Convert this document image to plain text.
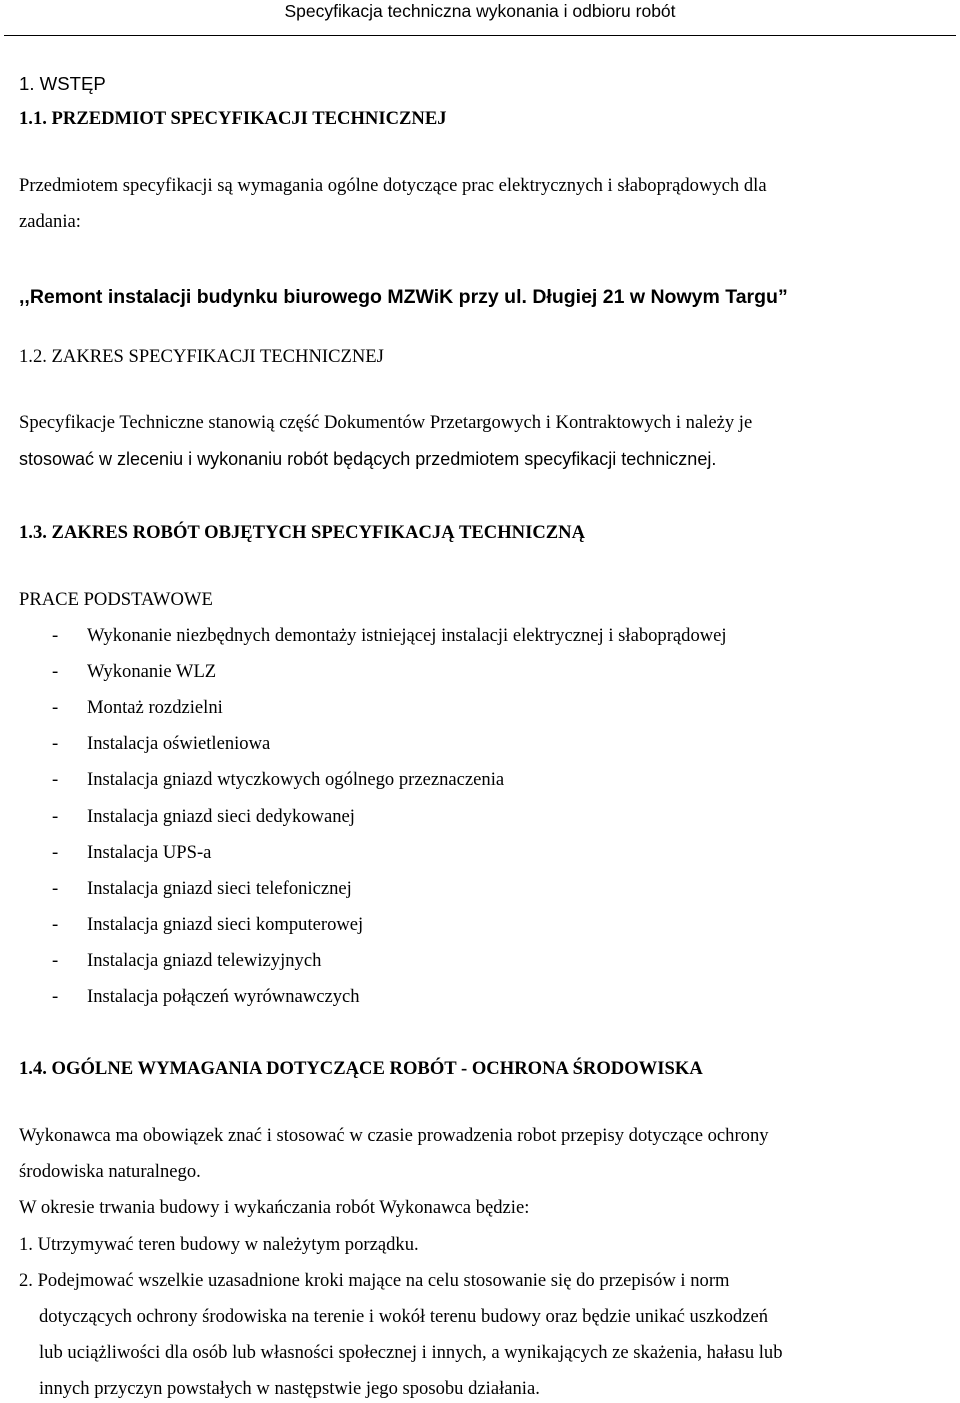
Specyfikacja techniczna wykonania i odbioru robót
1. WSTĘP
1.1. PRZEDMIOT SPECYFIKACJI TECHNICZNEJ
Przedmiotem specyfikacji są wymagania ogólne dotyczące prac elektrycznych i słaboprądowych dla
zadania:
,,Remont instalacji budynku biurowego MZWiK przy ul. Długiej 21 w Nowym Targu”
1.2. ZAKRES SPECYFIKACJI TECHNICZNEJ
Specyfikacje Techniczne stanowią część Dokumentów Przetargowych i Kontraktowych i należy je
stosować w zleceniu i wykonaniu robót będących przedmiotem specyfikacji technicznej.
1.3. ZAKRES ROBÓT OBJĘTYCH SPECYFIKACJĄ TECHNICZNĄ
PRACE PODSTAWOWE
- Wykonanie niezbędnych demontaży istniejącej instalacji elektrycznej i słaboprądowej
- Wykonanie WLZ
- Montaż rozdzielni
- Instalacja oświetleniowa
- Instalacja gniazd wtyczkowych ogólnego przeznaczenia
- Instalacja gniazd sieci dedykowanej
- Instalacja UPS-a
- Instalacja gniazd sieci telefonicznej
- Instalacja gniazd sieci komputerowej
- Instalacja gniazd telewizyjnych
- Instalacja połączeń wyrównawczych
1.4. OGÓLNE WYMAGANIA DOTYCZĄCE ROBÓT - OCHRONA ŚRODOWISKA
Wykonawca ma obowiązek znać i stosować w czasie prowadzenia robot przepisy dotyczące ochrony
środowiska naturalnego.
W okresie trwania budowy i wykańczania robót Wykonawca będzie:
1. Utrzymywać teren budowy w należytym porządku.
2. Podejmować wszelkie uzasadnione kroki mające na celu stosowanie się do przepisów i norm
dotyczących ochrony środowiska na terenie i wokół terenu budowy oraz będzie unikać uszkodzeń
lub uciążliwości dla osób lub własności społecznej i innych, a wynikających ze skażenia, hałasu lub
innych przyczyn powstałych w następstwie jego sposobu działania.
